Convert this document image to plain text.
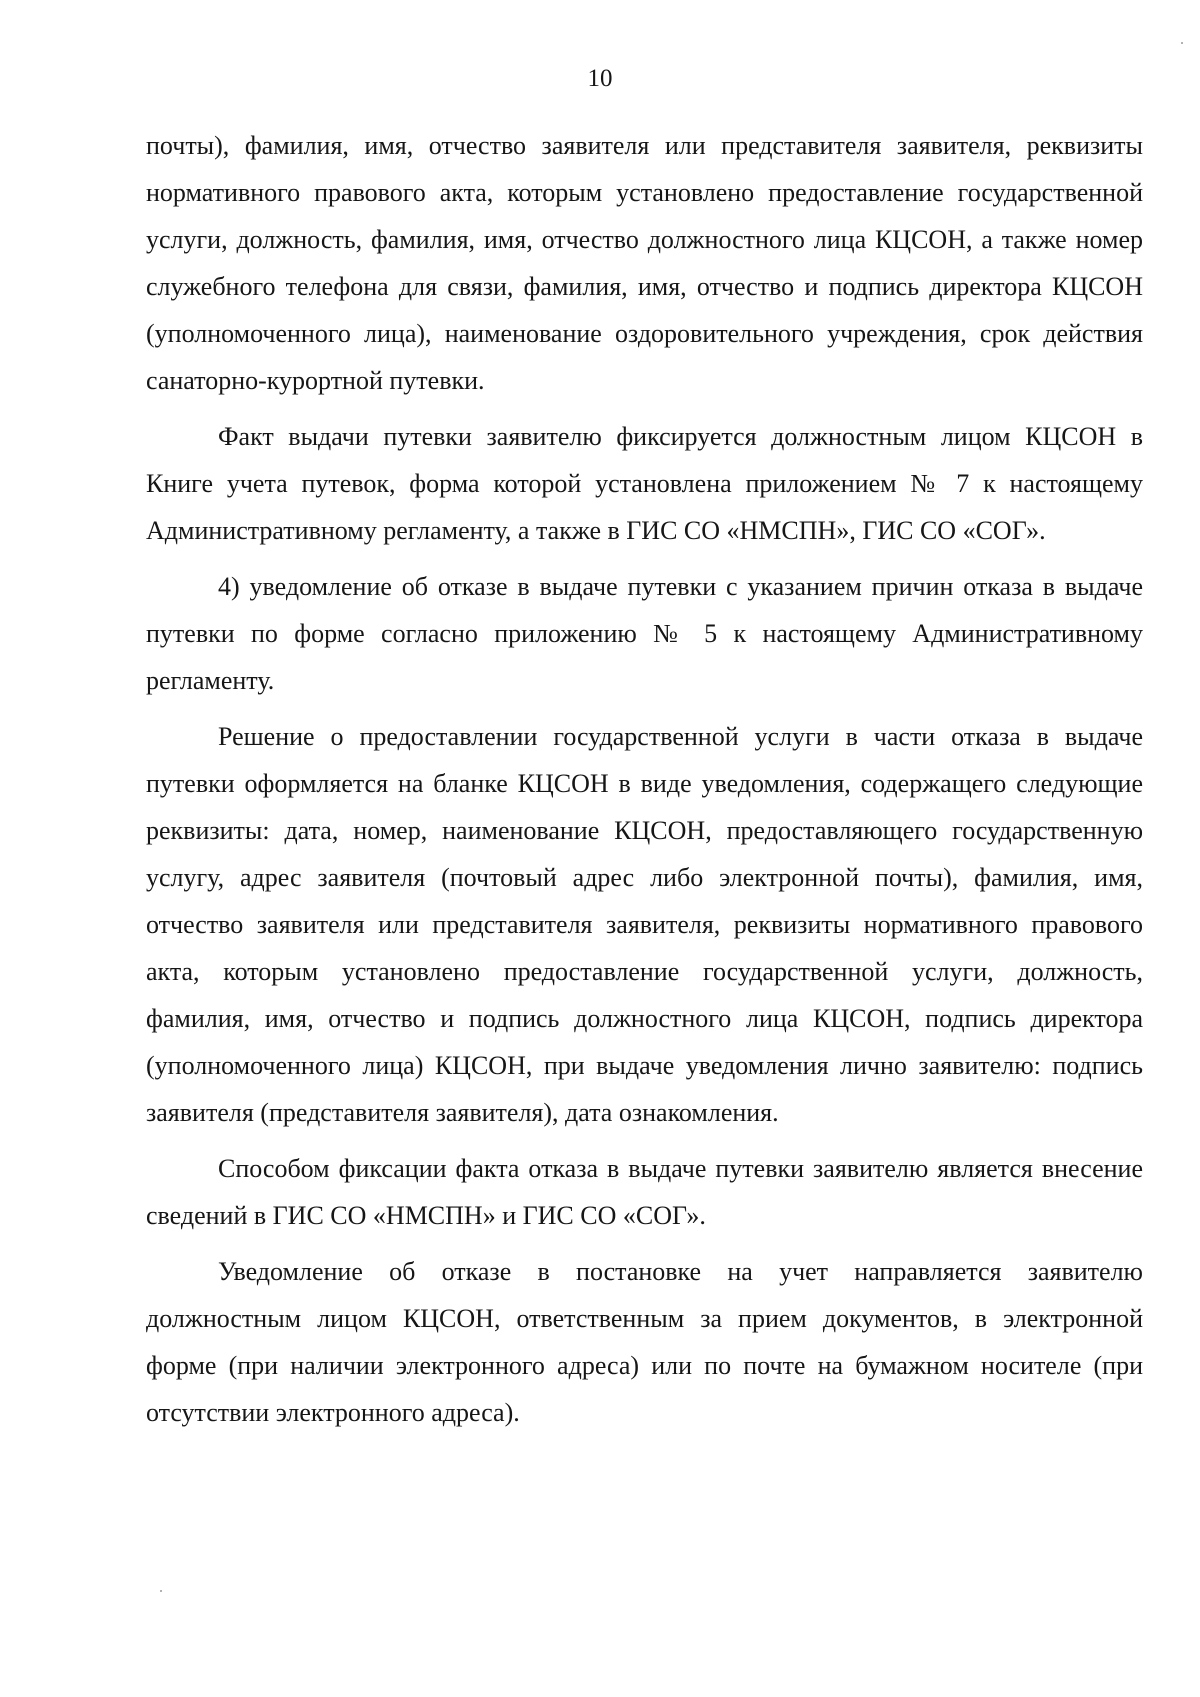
10

почты), фамилия, имя, отчество заявителя или представителя заявителя, реквизиты нормативного правового акта, которым установлено предоставление государственной услуги, должность, фамилия, имя, отчество должностного лица КЦСОН, а также номер служебного телефона для связи, фамилия, имя, отчество и подпись директора КЦСОН (уполномоченного лица), наименование оздоровительного учреждения, срок действия санаторно-курортной путевки.

Факт выдачи путевки заявителю фиксируется должностным лицом КЦСОН в Книге учета путевок, форма которой установлена приложением № 7 к настоящему Административному регламенту, а также в ГИС СО «НМСПН», ГИС СО «СОГ».

4) уведомление об отказе в выдаче путевки с указанием причин отказа в выдаче путевки по форме согласно приложению № 5 к настоящему Административному регламенту.

Решение о предоставлении государственной услуги в части отказа в выдаче путевки оформляется на бланке КЦСОН в виде уведомления, содержащего следующие реквизиты: дата, номер, наименование КЦСОН, предоставляющего государственную услугу, адрес заявителя (почтовый адрес либо электронной почты), фамилия, имя, отчество заявителя или представителя заявителя, реквизиты нормативного правового акта, которым установлено предоставление государственной услуги, должность, фамилия, имя, отчество и подпись должностного лица КЦСОН, подпись директора (уполномоченного лица) КЦСОН, при выдаче уведомления лично заявителю: подпись заявителя (представителя заявителя), дата ознакомления.

Способом фиксации факта отказа в выдаче путевки заявителю является внесение сведений в ГИС СО «НМСПН» и ГИС СО «СОГ».

Уведомление об отказе в постановке на учет направляется заявителю должностным лицом КЦСОН, ответственным за прием документов, в электронной форме (при наличии электронного адреса) или по почте на бумажном носителе (при отсутствии электронного адреса).
